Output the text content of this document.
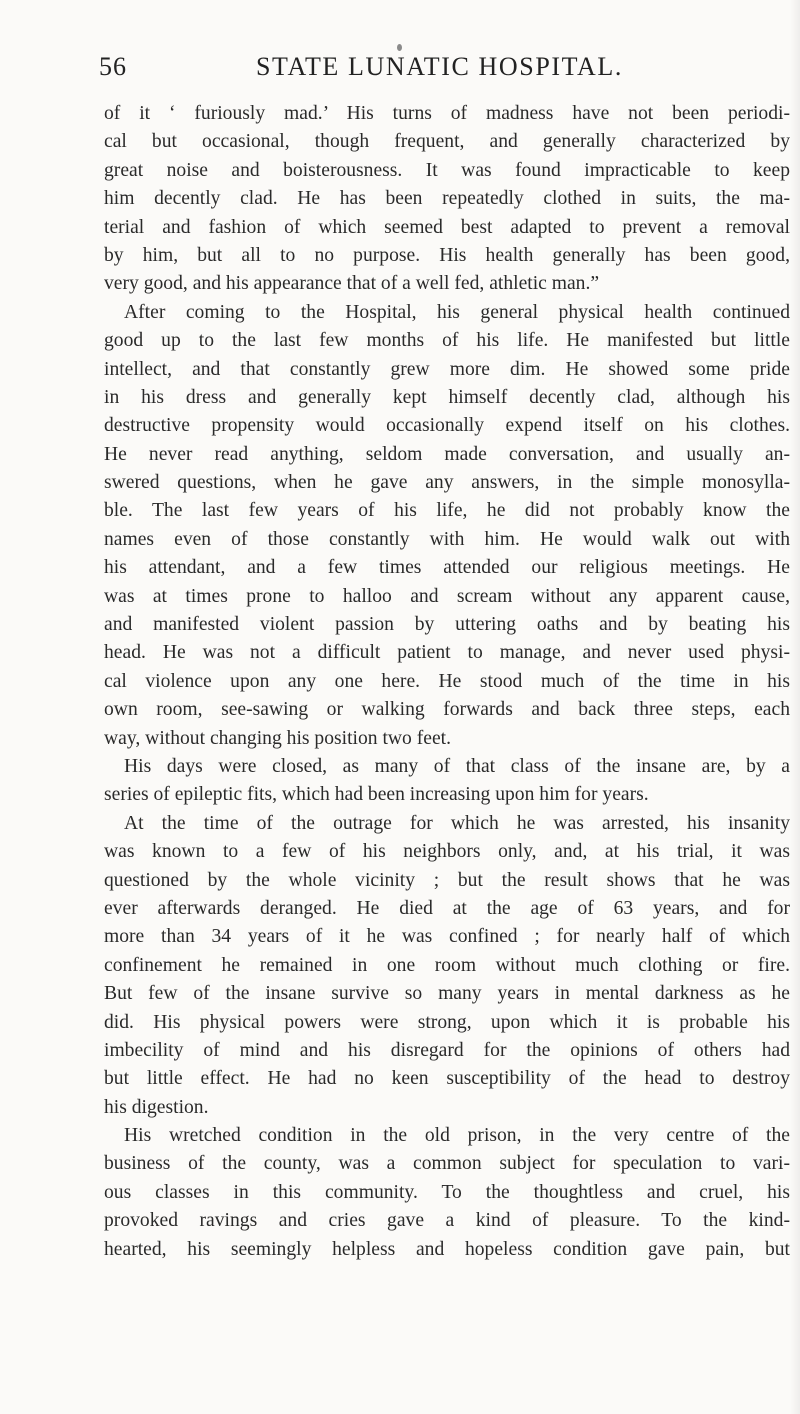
56	STATE LUNATIC HOSPITAL.
of it ‘ furiously mad.’ His turns of madness have not been periodi-
cal but occasional, though frequent, and generally characterized by
great noise and boisterousness. It was found impracticable to keep
him decently clad. He has been repeatedly clothed in suits, the ma-
terial and fashion of which seemed best adapted to prevent a removal
by him, but all to no purpose. His health generally has been good,
very good, and his appearance that of a well fed, athletic man.”
After coming to the Hospital, his general physical health continued
good up to the last few months of his life. He manifested but little
intellect, and that constantly grew more dim. He showed some pride
in his dress and generally kept himself decently clad, although his
destructive propensity would occasionally expend itself on his clothes.
He never read anything, seldom made conversation, and usually an-
swered questions, when he gave any answers, in the simple monosylla-
ble. The last few years of his life, he did not probably know the
names even of those constantly with him. He would walk out with
his attendant, and a few times attended our religious meetings. He
was at times prone to halloo and scream without any apparent cause,
and manifested violent passion by uttering oaths and by beating his
head. He was not a difficult patient to manage, and never used physi-
cal violence upon any one here. He stood much of the time in his
own room, see-sawing or walking forwards and back three steps, each
way, without changing his position two feet.
His days were closed, as many of that class of the insane are, by a
series of epileptic fits, which had been increasing upon him for years.
At the time of the outrage for which he was arrested, his insanity
was known to a few of his neighbors only, and, at his trial, it was
questioned by the whole vicinity ; but the result shows that he was
ever afterwards deranged. He died at the age of 63 years, and for
more than 34 years of it he was confined ; for nearly half of which
confinement he remained in one room without much clothing or fire.
But few of the insane survive so many years in mental darkness as he
did. His physical powers were strong, upon which it is probable his
imbecility of mind and his disregard for the opinions of others had
but little effect. He had no keen susceptibility of the head to destroy
his digestion.
His wretched condition in the old prison, in the very centre of the
business of the county, was a common subject for speculation to vari-
ous classes in this community. To the thoughtless and cruel, his
provoked ravings and cries gave a kind of pleasure. To the kind-
hearted, his seemingly helpless and hopeless condition gave pain, but
